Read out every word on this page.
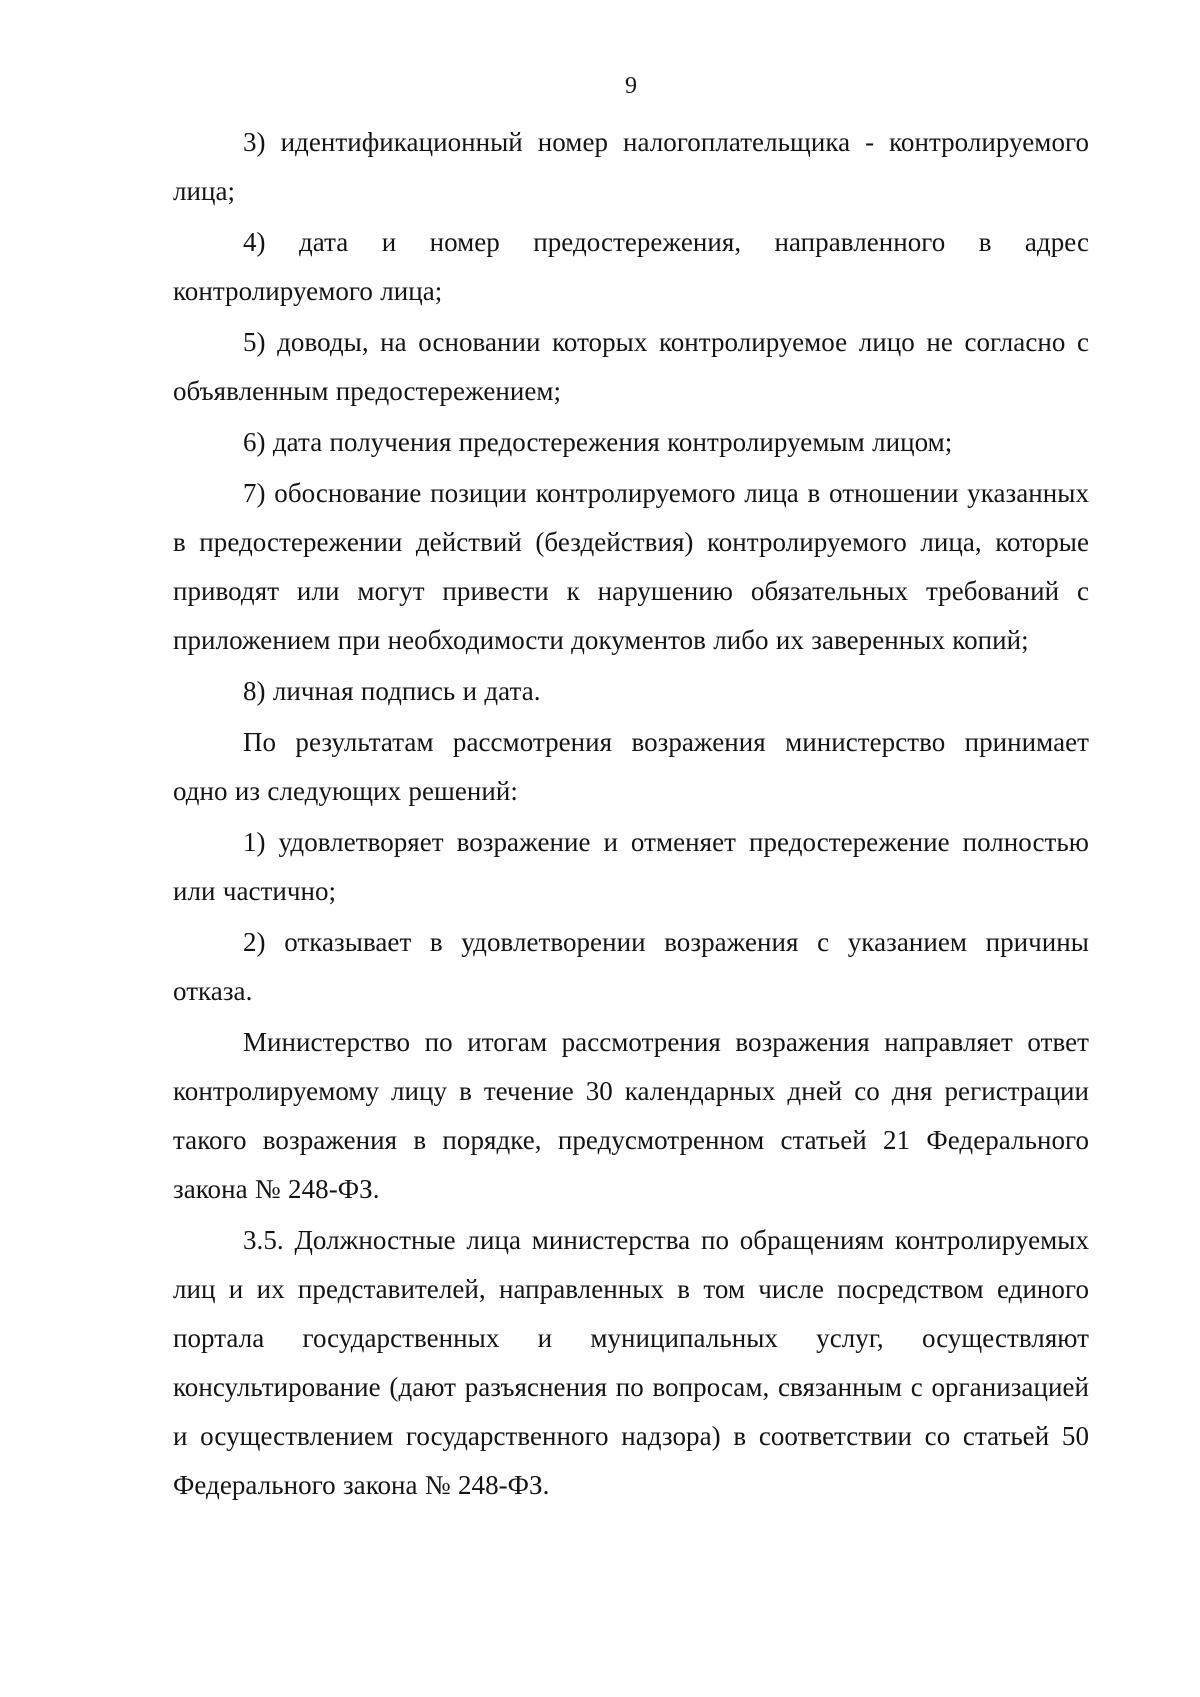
9

3) идентификационный номер налогоплательщика - контролируемого лица;

4) дата и номер предостережения, направленного в адрес контролируемого лица;

5) доводы, на основании которых контролируемое лицо не согласно с объявленным предостережением;

6) дата получения предостережения контролируемым лицом;

7) обоснование позиции контролируемого лица в отношении указанных в предостережении действий (бездействия) контролируемого лица, которые приводят или могут привести к нарушению обязательных требований с приложением при необходимости документов либо их заверенных копий;

8) личная подпись и дата.

По результатам рассмотрения возражения министерство принимает одно из следующих решений:

1) удовлетворяет возражение и отменяет предостережение полностью или частично;

2) отказывает в удовлетворении возражения с указанием причины отказа.

Министерство по итогам рассмотрения возражения направляет ответ контролируемому лицу в течение 30 календарных дней со дня регистрации такого возражения в порядке, предусмотренном статьей 21 Федерального закона № 248-ФЗ.

3.5. Должностные лица министерства по обращениям контролируемых лиц и их представителей, направленных в том числе посредством единого портала государственных и муниципальных услуг, осуществляют консультирование (дают разъяснения по вопросам, связанным с организацией и осуществлением государственного надзора) в соответствии со статьей 50 Федерального закона № 248-ФЗ.
